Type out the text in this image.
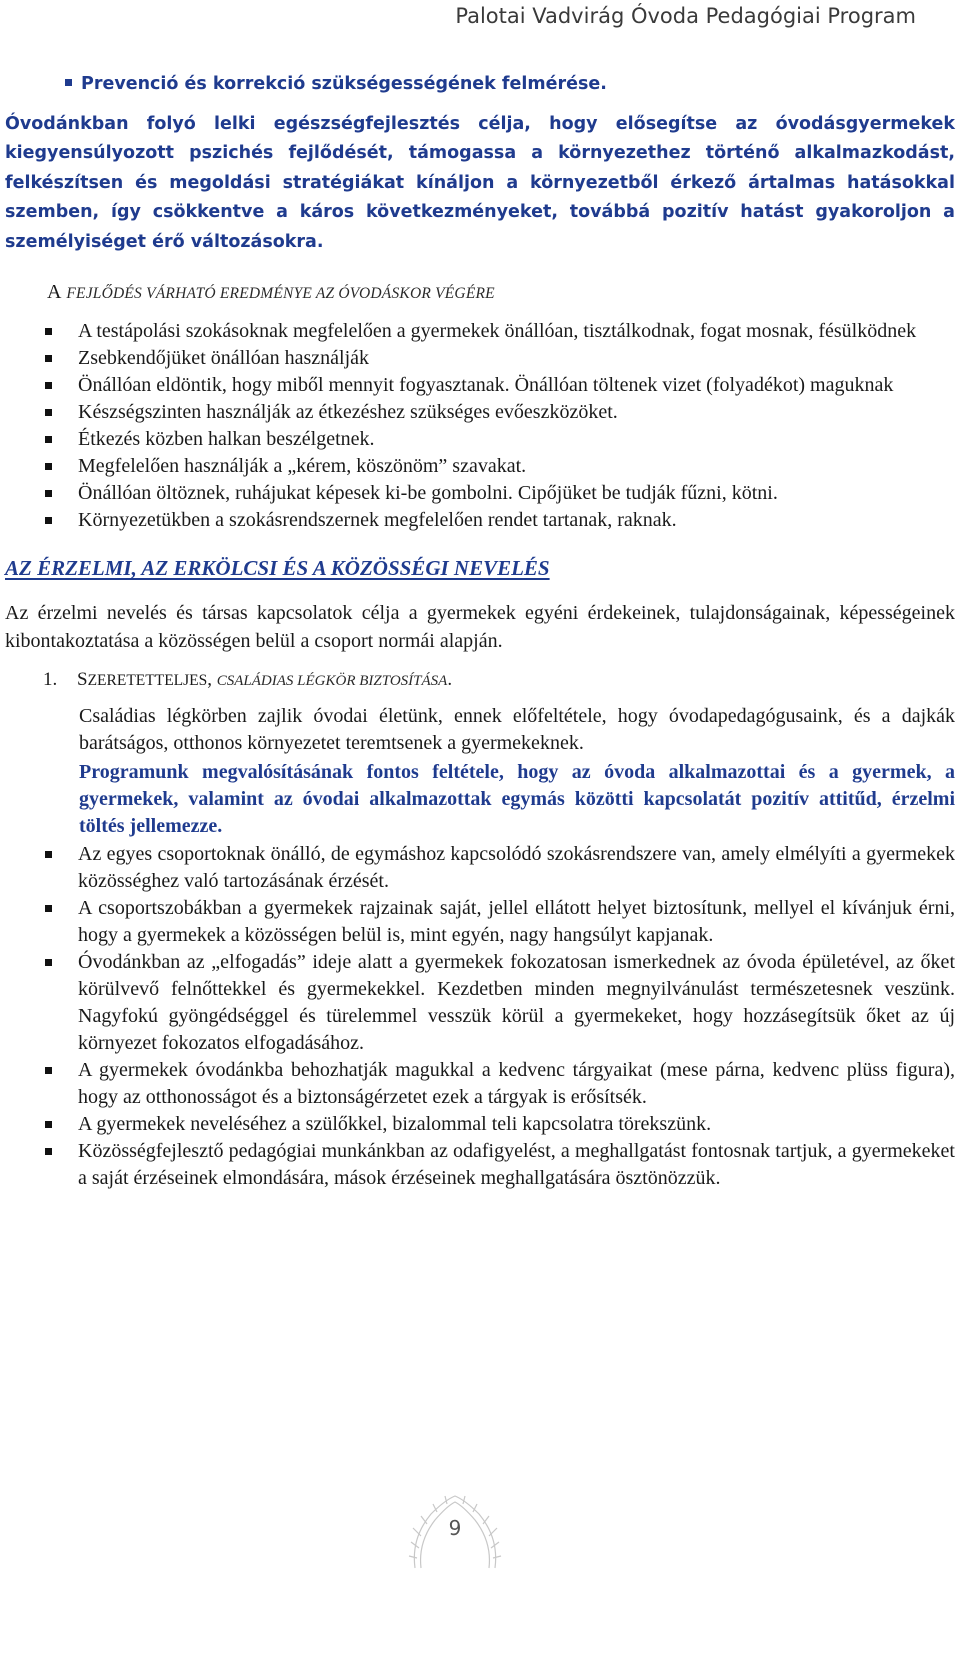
Palotai Vadvirág Óvoda Pedagógiai Program
Prevenció és korrekció szükségességének felmérése.

Óvodánkban folyó lelki egészségfejlesztés célja, hogy elősegítse az óvodásgyermekek kiegyensúlyozott pszichés fejlődését, támogassa a környezethez történő alkalmazkodást, felkészítsen és megoldási stratégiákat kínáljon a környezetből érkező ártalmas hatásokkal szemben, így csökkentve a káros következményeket, továbbá pozitív hatást gyakoroljon a személyiséget érő változásokra.

A FEJLŐDÉS VÁRHATÓ EREDMÉNYE AZ ÓVODÁSKOR VÉGÉRE
A testápolási szokásoknak megfelelően a gyermekek önállóan, tisztálkodnak, fogat mosnak, fésülködnek
Zsebkendőjüket önállóan használják
Önállóan eldöntik, hogy miből mennyit fogyasztanak. Önállóan töltenek vizet (folyadékot) maguknak
Készségszinten használják az étkezéshez szükséges evőeszközöket.
Étkezés közben halkan beszélgetnek.
Megfelelően használják a „kérem, köszönöm” szavakat.
Önállóan öltöznek, ruhájukat képesek ki-be gombolni. Cipőjüket be tudják fűzni, kötni.
Környezetükben a szokásrendszernek megfelelően rendet tartanak, raknak.
AZ ÉRZELMI, AZ ERKÖLCSI ÉS A KÖZÖSSÉGI NEVELÉS

Az érzelmi nevelés és társas kapcsolatok célja a gyermekek egyéni érdekeinek, tulajdonságainak, képességeinek kibontakoztatása a közösségen belül a csoport normái alapján.

1. SZERETETTELJES, CSALÁDIAS LÉGKÖR BIZTOSÍTÁSA.

Családias légkörben zajlik óvodai életünk, ennek előfeltétele, hogy óvodapedagógusaink, és a dajkák barátságos, otthonos környezetet teremtsenek a gyermekeknek.

Programunk megvalósításának fontos feltétele, hogy az óvoda alkalmazottai és a gyermek, a gyermekek, valamint az óvodai alkalmazottak egymás közötti kapcsolatát pozitív attitűd, érzelmi töltés jellemezze.

Az egyes csoportoknak önálló, de egymáshoz kapcsolódó szokásrendszere van, amely elmélyíti a gyermekek közösséghez való tartozásának érzését.
A csoportszobákban a gyermekek rajzainak saját, jellel ellátott helyet biztosítunk, mellyel el kívánjuk érni, hogy a gyermekek a közösségen belül is, mint egyén, nagy hangsúlyt kapjanak.
Óvodánkban az „elfogadás” ideje alatt a gyermekek fokozatosan ismerkednek az óvoda épületével, az őket körülvevő felnőttekkel és gyermekekkel. Kezdetben minden megnyilvánulást természetesnek veszünk. Nagyfokú gyöngédséggel és türelemmel vesszük körül a gyermekeket, hogy hozzásegítsük őket az új környezet fokozatos elfogadásához.
A gyermekek óvodánkba behozhatják magukkal a kedvenc tárgyaikat (mese párna, kedvenc plüss figura), hogy az otthonosságot és a biztonságérzetet ezek a tárgyak is erősítsék.
A gyermekek neveléséhez a szülőkkel, bizalommal teli kapcsolatra törekszünk.
Közösségfejlesztő pedagógiai munkánkban az odafigyelést, a meghallgatást fontosnak tartjuk, a gyermekeket a saját érzéseinek elmondására, mások érzéseinek meghallgatására ösztönözzük.
9
